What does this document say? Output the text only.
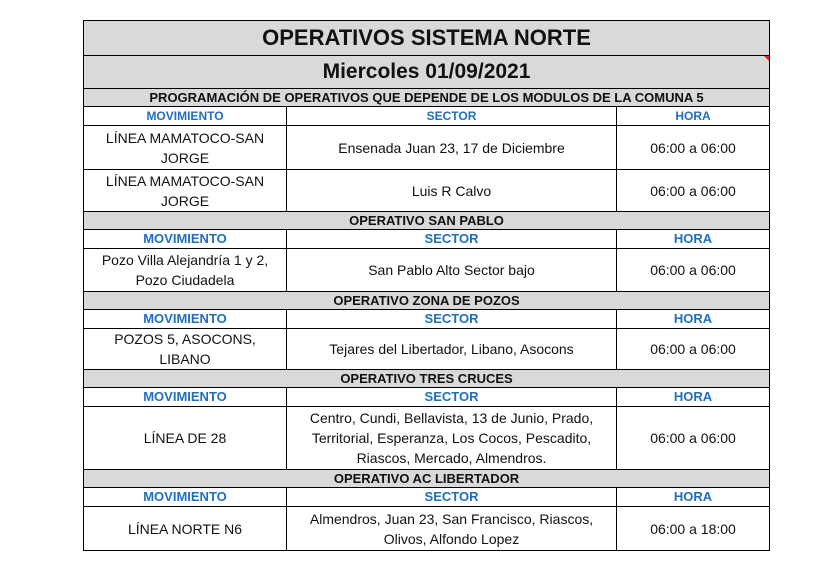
OPERATIVOS SISTEMA NORTE		
Miercoles 01/09/2021		

PROGRAMACIÓN DE OPERATIVOS QUE DEPENDE DE LOS MODULOS DE LA COMUNA 5		
MOVIMIENTO	SECTOR	HORA
LÍNEA MAMATOCO-SAN JORGE	Ensenada Juan 23, 17 de Diciembre	06:00 a 06:00
LÍNEA MAMATOCO-SAN JORGE	Luis R Calvo	06:00 a 06:00
OPERATIVO SAN PABLO		
MOVIMIENTO	SECTOR	HORA
Pozo Villa Alejandría 1 y 2, Pozo Ciudadela	San Pablo Alto Sector bajo	06:00 a 06:00
OPERATIVO ZONA DE POZOS		
MOVIMIENTO	SECTOR	HORA
POZOS 5, ASOCONS, LIBANO	Tejares del Libertador, Libano, Asocons	06:00 a 06:00
OPERATIVO TRES CRUCES		
MOVIMIENTO	SECTOR	HORA
LÍNEA DE 28	Centro, Cundi, Bellavista, 13 de Junio, Prado, Territorial, Esperanza, Los Cocos, Pescadito, Riascos, Mercado, Almendros.	06:00 a 06:00
OPERATIVO AC LIBERTADOR		
MOVIMIENTO	SECTOR	HORA
LÍNEA NORTE N6	Almendros, Juan 23, San Francisco, Riascos, Olivos, Alfondo Lopez	06:00 a 18:00
